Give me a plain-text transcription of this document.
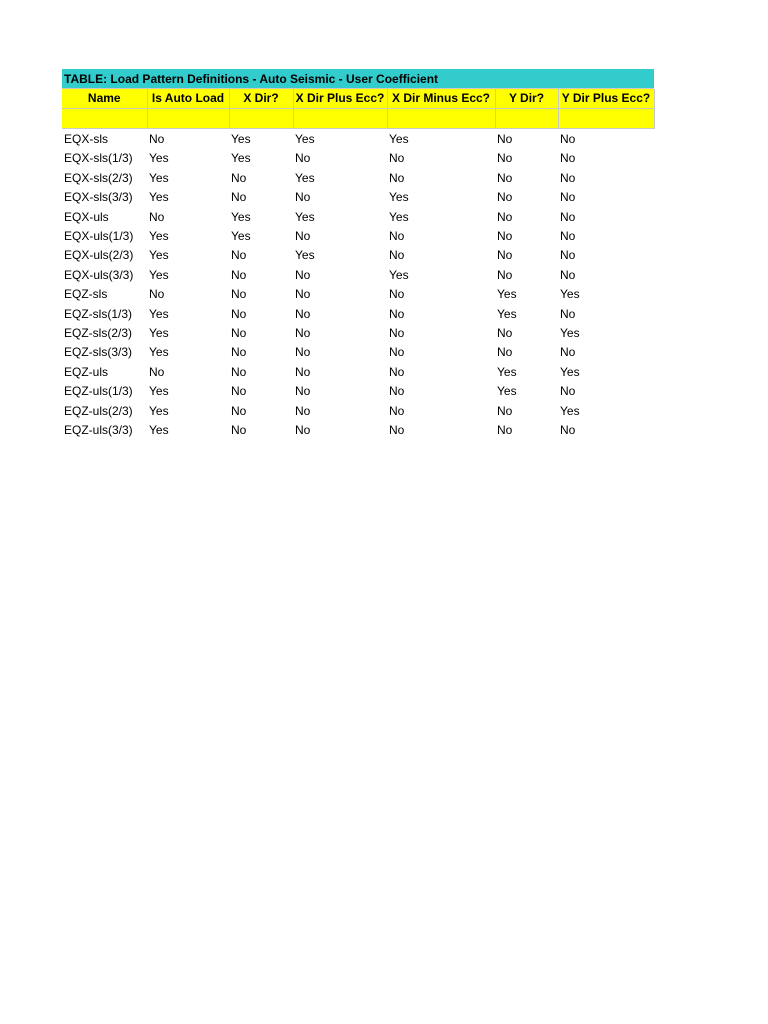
TABLE: Load Pattern Definitions - Auto Seismic - User Coefficient
Name	Is Auto Load	X Dir?	X Dir Plus Ecc?	X Dir Minus Ecc?	Y Dir?	Y Dir Plus Ecc?

EQX-sls	No	Yes	Yes	Yes	No	No
EQX-sls(1/3)	Yes	Yes	No	No	No	No
EQX-sls(2/3)	Yes	No	Yes	No	No	No
EQX-sls(3/3)	Yes	No	No	Yes	No	No
EQX-uls	No	Yes	Yes	Yes	No	No
EQX-uls(1/3)	Yes	Yes	No	No	No	No
EQX-uls(2/3)	Yes	No	Yes	No	No	No
EQX-uls(3/3)	Yes	No	No	Yes	No	No
EQZ-sls	No	No	No	No	Yes	Yes
EQZ-sls(1/3)	Yes	No	No	No	Yes	No
EQZ-sls(2/3)	Yes	No	No	No	No	Yes
EQZ-sls(3/3)	Yes	No	No	No	No	No
EQZ-uls	No	No	No	No	Yes	Yes
EQZ-uls(1/3)	Yes	No	No	No	Yes	No
EQZ-uls(2/3)	Yes	No	No	No	No	Yes
EQZ-uls(3/3)	Yes	No	No	No	No	No
